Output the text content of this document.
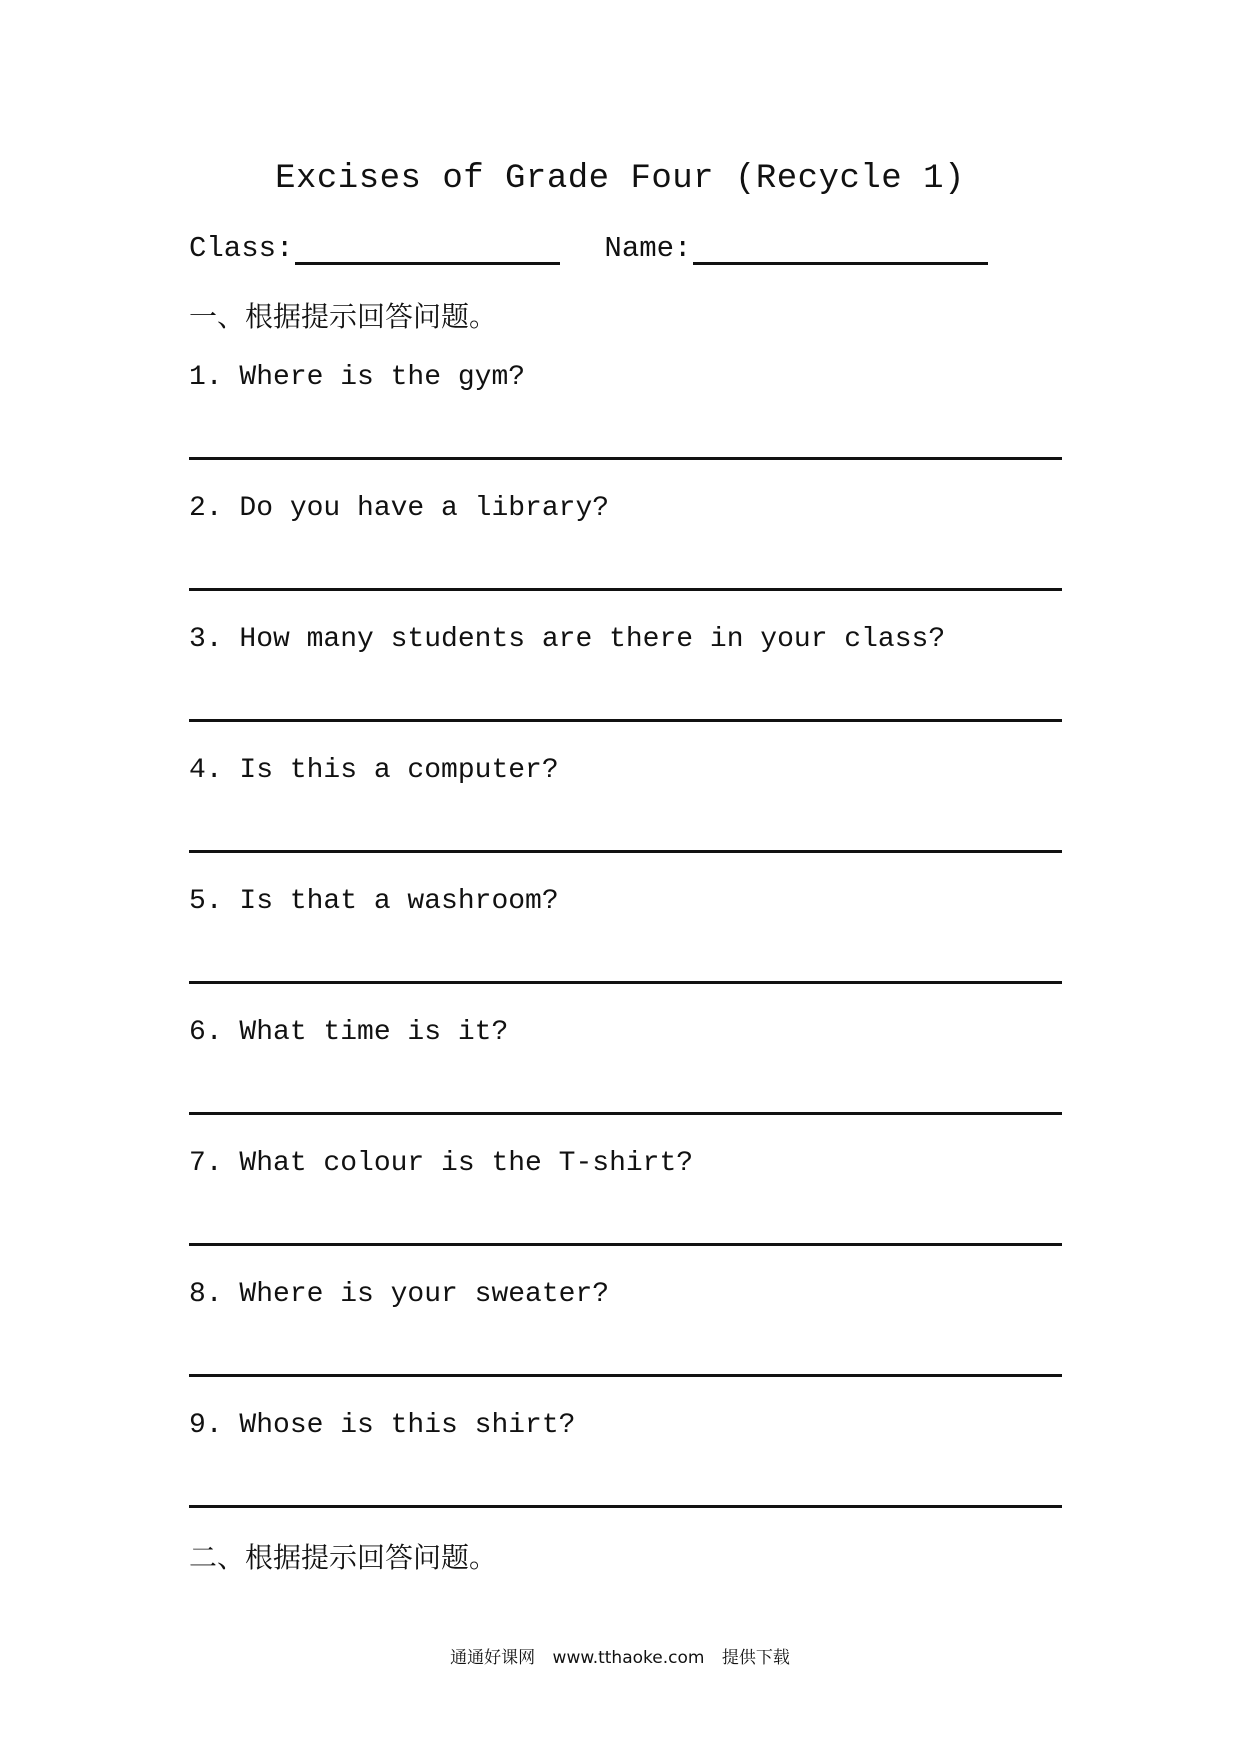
Excises of Grade Four (Recycle 1)
Class:	Name:
一、根据提示回答问题。
1. Where is the gym?
2. Do you have a library?
3. How many students are there in your class?
4. Is this a computer?
5. Is that a washroom?
6. What time is it?
7. What colour is the T-shirt?
8. Where is your sweater?
9. Whose is this shirt?
二、根据提示回答问题。
通通好课网 www.tthaoke.com 提供下载
